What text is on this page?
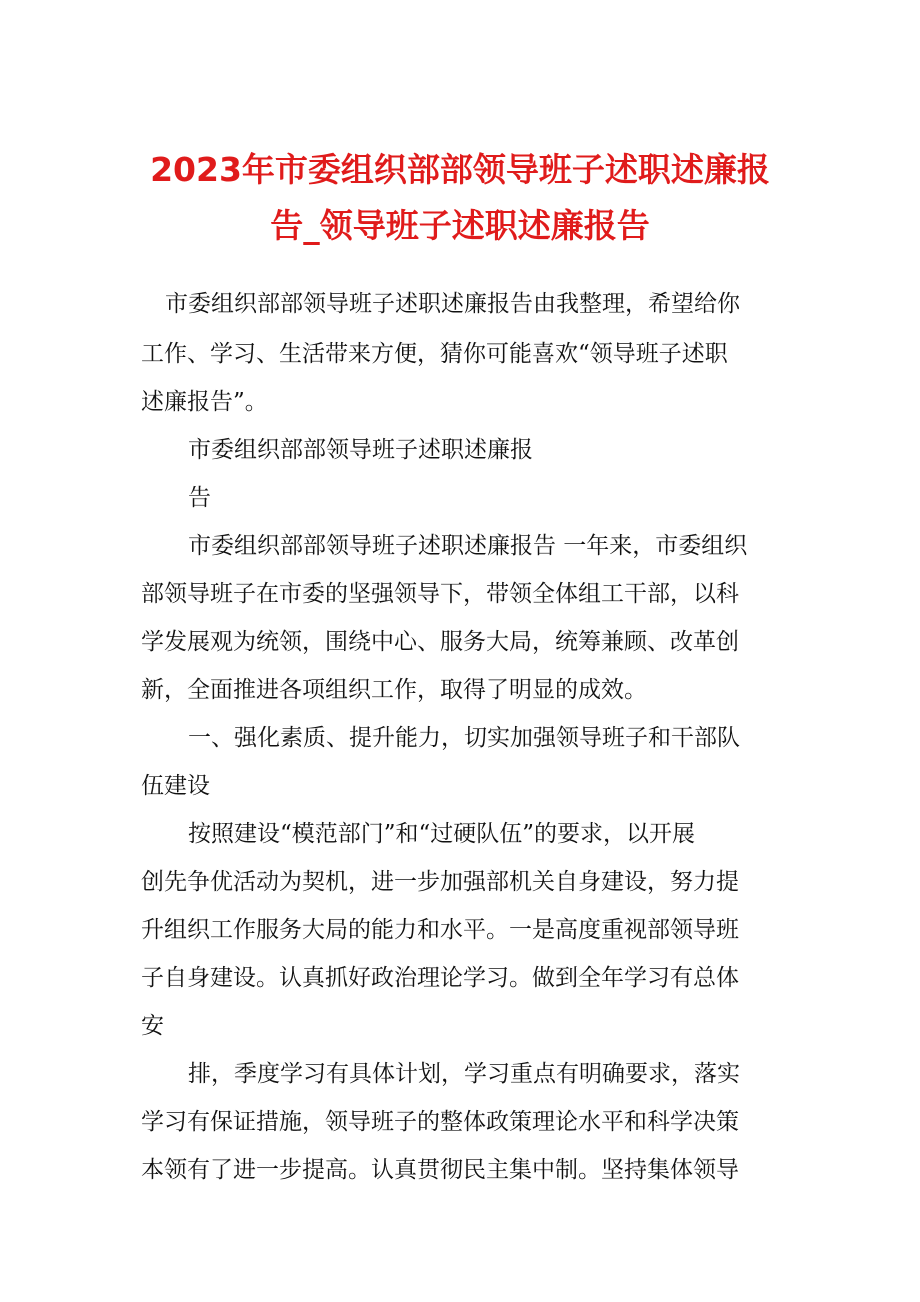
2023年市委组织部部领导班子述职述廉报
告_领导班子述职述廉报告
市委组织部部领导班子述职述廉报告由我整理，希望给你
工作、学习、生活带来方便，猜你可能喜欢“领导班子述职
述廉报告”。
市委组织部部领导班子述职述廉报
告
市委组织部部领导班子述职述廉报告 一年来，市委组织
部领导班子在市委的坚强领导下，带领全体组工干部，以科
学发展观为统领，围绕中心、服务大局，统筹兼顾、改革创
新，全面推进各项组织工作，取得了明显的成效。
一、强化素质、提升能力，切实加强领导班子和干部队
伍建设
按照建设“模范部门”和“过硬队伍”的要求，以开展
创先争优活动为契机，进一步加强部机关自身建设，努力提
升组织工作服务大局的能力和水平。一是高度重视部领导班
子自身建设。认真抓好政治理论学习。做到全年学习有总体
安
排，季度学习有具体计划，学习重点有明确要求，落实
学习有保证措施，领导班子的整体政策理论水平和科学决策
本领有了进一步提高。认真贯彻民主集中制。坚持集体领导
